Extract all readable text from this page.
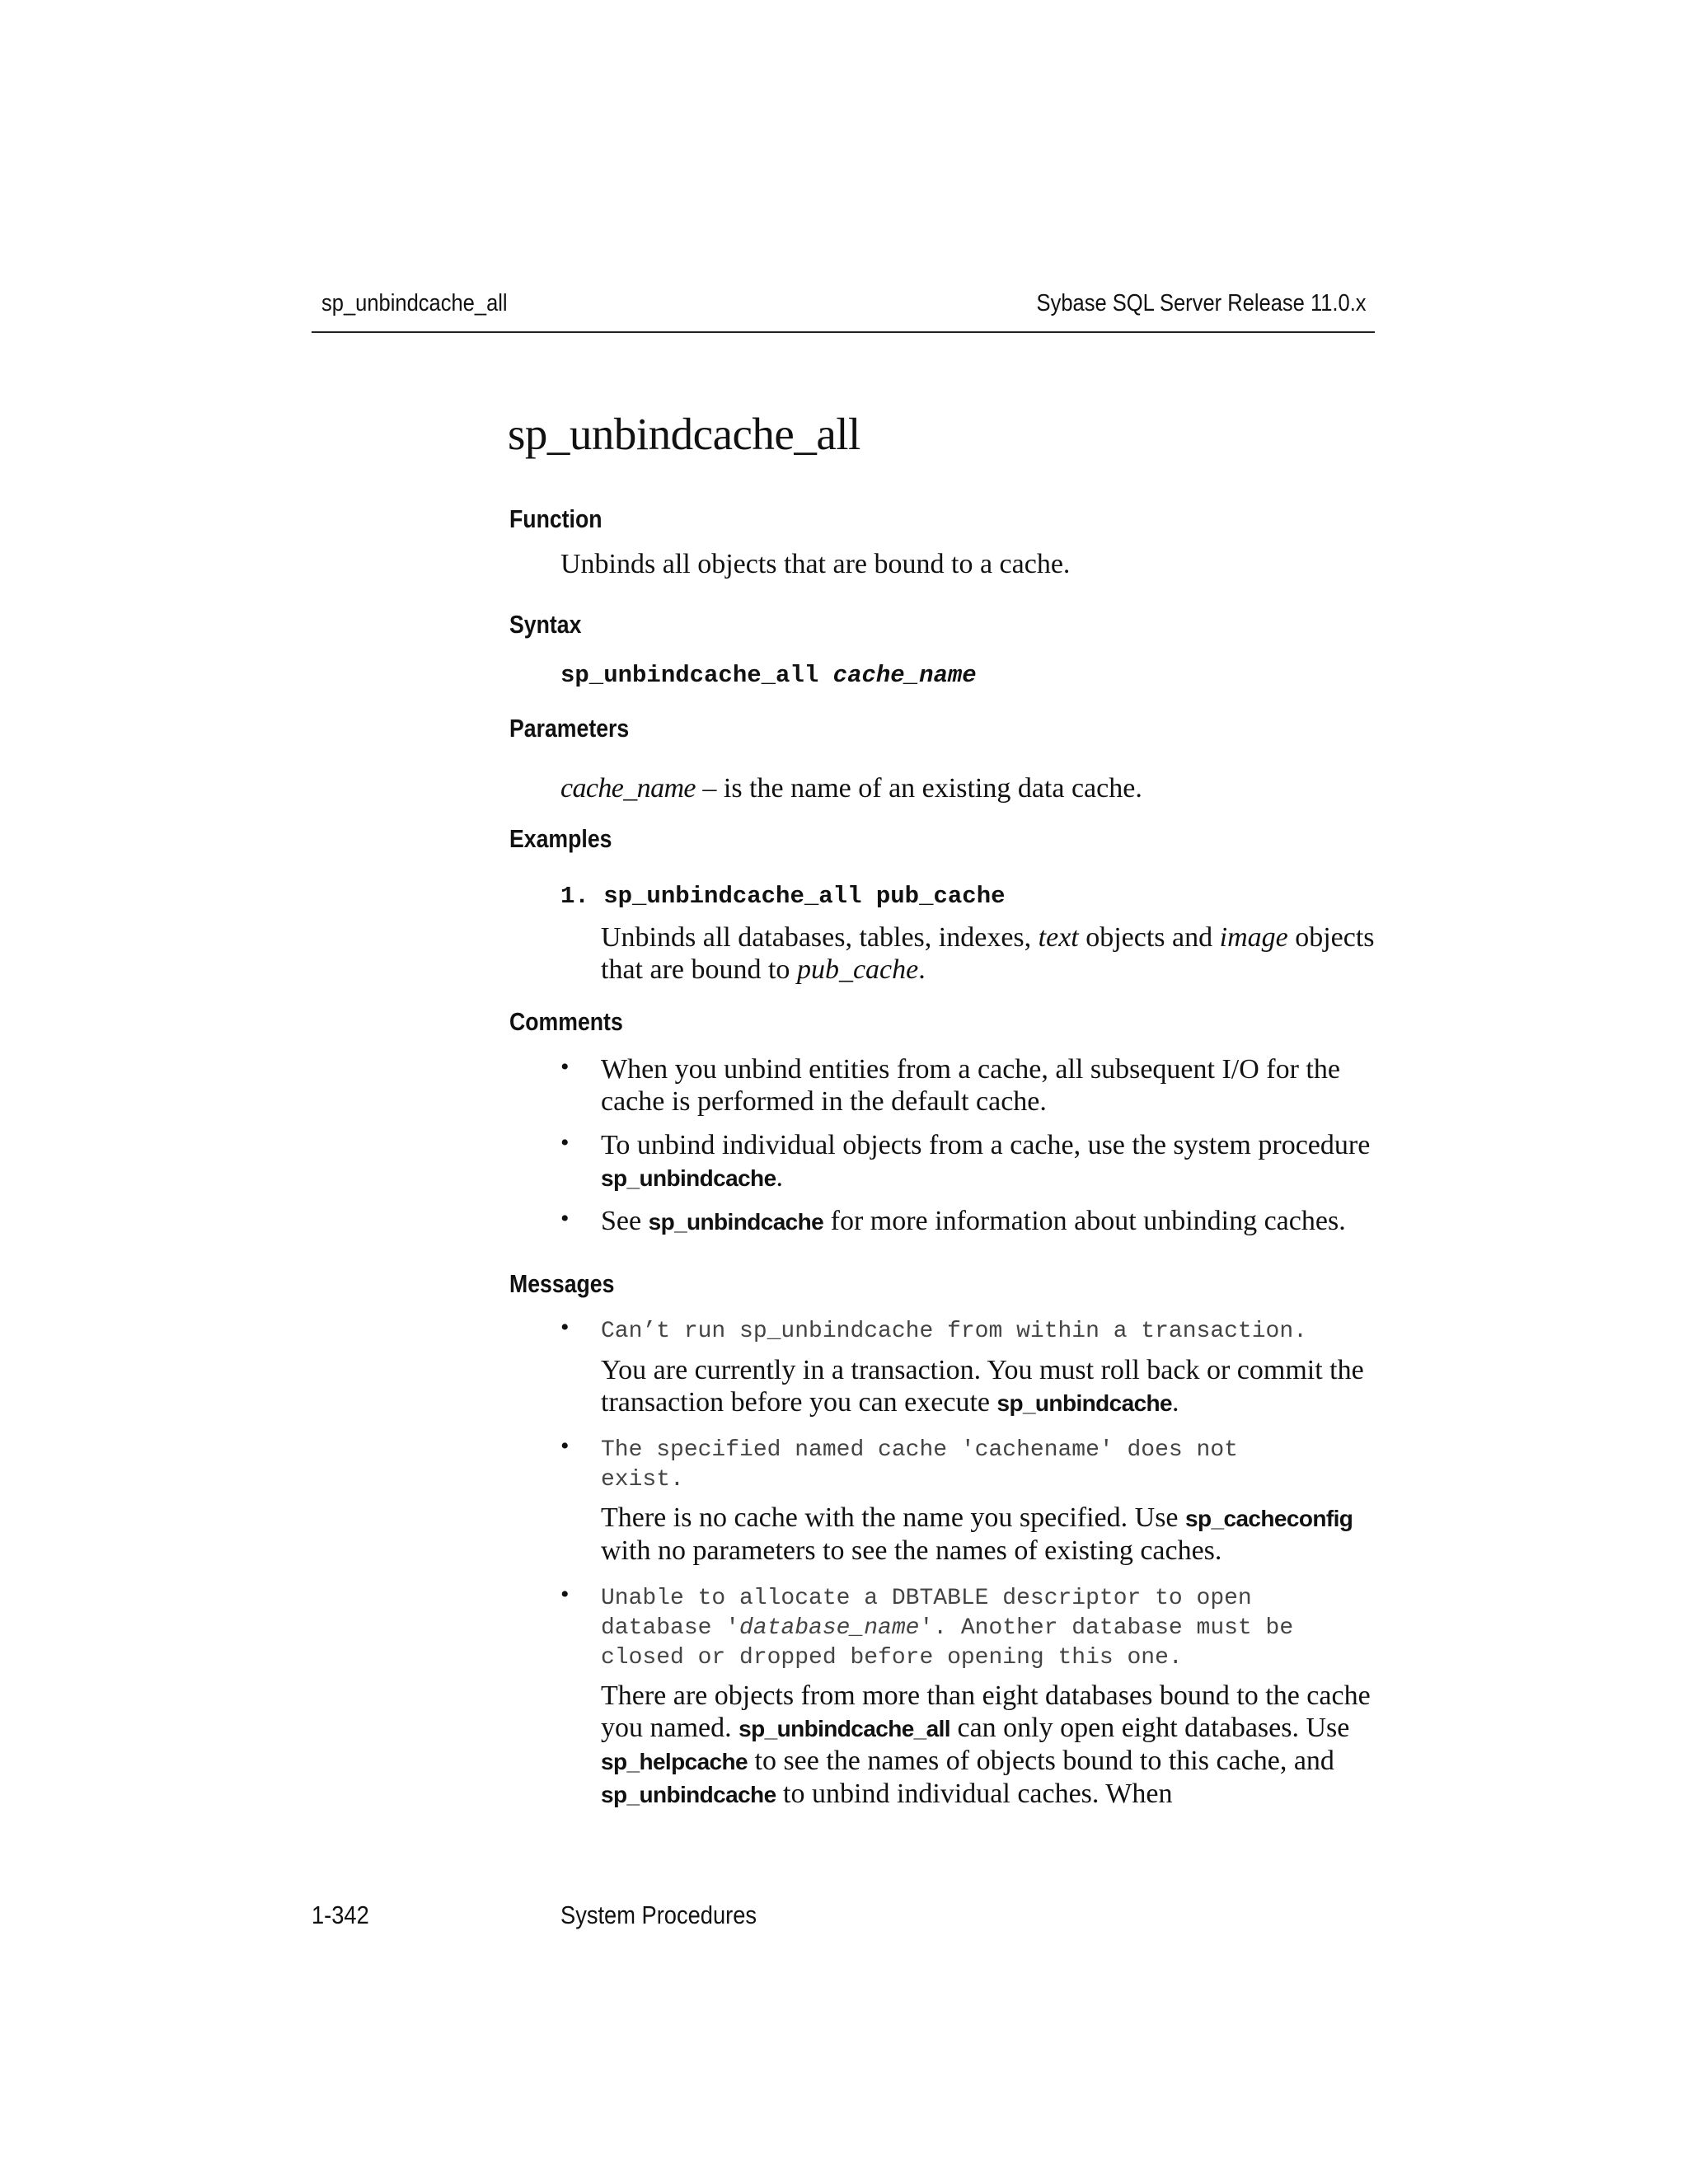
sp_unbindcache_all	Sybase SQL Server Release 11.0.x
sp_unbindcache_all
Function
Unbinds all objects that are bound to a cache.
Syntax
sp_unbindcache_all cache_name
Parameters
cache_name – is the name of an existing data cache.
Examples
1. sp_unbindcache_all pub_cache
Unbinds all databases, tables, indexes, text objects and image objects that are bound to pub_cache.
Comments
•	When you unbind entities from a cache, all subsequent I/O for the cache is performed in the default cache.
•	To unbind individual objects from a cache, use the system procedure sp_unbindcache.
•	See sp_unbindcache for more information about unbinding caches.
Messages
•	Can’t run sp_unbindcache from within a transaction.
You are currently in a transaction. You must roll back or commit the transaction before you can execute sp_unbindcache.
•	The specified named cache 'cachename' does not exist.
There is no cache with the name you specified. Use sp_cacheconfig with no parameters to see the names of existing caches.
•	Unable to allocate a DBTABLE descriptor to open database 'database_name'. Another database must be closed or dropped before opening this one.
There are objects from more than eight databases bound to the cache you named. sp_unbindcache_all can only open eight databases. Use sp_helpcache to see the names of objects bound to this cache, and sp_unbindcache to unbind individual caches. When
1-342	System Procedures
